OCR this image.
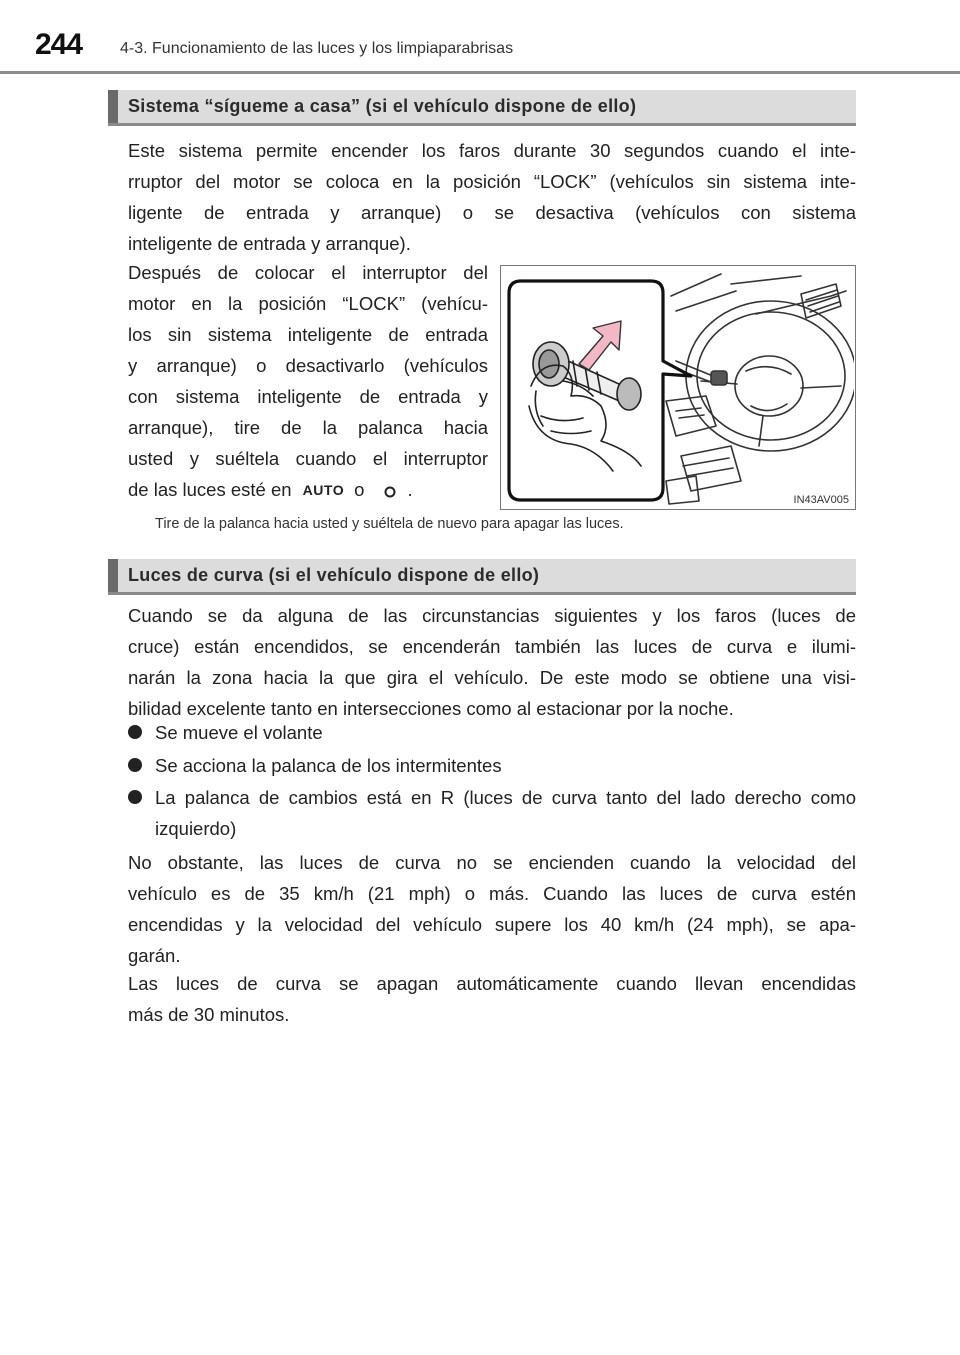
244 4-3. Funcionamiento de las luces y los limpiaparabrisas
Sistema “sígueme a casa” (si el vehículo dispone de ello)
Este sistema permite encender los faros durante 30 segundos cuando el inte-
rruptor del motor se coloca en la posición “LOCK” (vehículos sin sistema inte-
ligente de entrada y arranque) o se desactiva (vehículos con sistema
inteligente de entrada y arranque).
Después de colocar el interruptor del
motor en la posición “LOCK” (vehícu-
los sin sistema inteligente de entrada
y arranque) o desactivarlo (vehículos
con sistema inteligente de entrada y
arranque), tire de la palanca hacia
usted y suéltela cuando el interruptor
de las luces esté en AUTO o .	IN43AV005
Tire de la palanca hacia usted y suéltela de nuevo para apagar las luces.
Luces de curva (si el vehículo dispone de ello)
Cuando se da alguna de las circunstancias siguientes y los faros (luces de
cruce) están encendidos, se encenderán también las luces de curva e ilumi-
narán la zona hacia la que gira el vehículo. De este modo se obtiene una visi-
bilidad excelente tanto en intersecciones como al estacionar por la noche.
Se mueve el volante
Se acciona la palanca de los intermitentes
La palanca de cambios está en R (luces de curva tanto del lado derecho como izquierdo)
No obstante, las luces de curva no se encienden cuando la velocidad del
vehículo es de 35 km/h (21 mph) o más. Cuando las luces de curva estén
encendidas y la velocidad del vehículo supere los 40 km/h (24 mph), se apa-
garán.
Las luces de curva se apagan automáticamente cuando llevan encendidas
más de 30 minutos.
